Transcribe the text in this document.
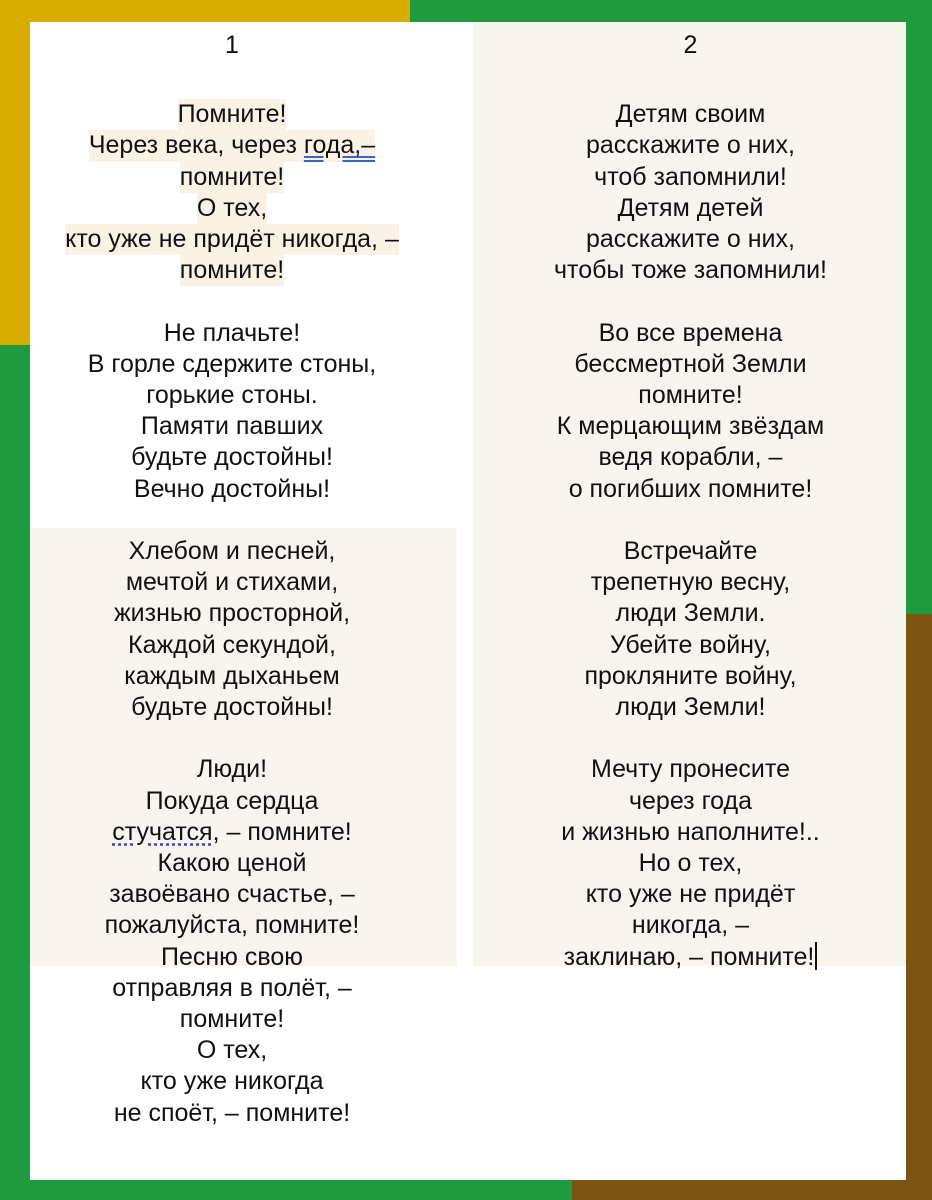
1
Помните!
Через века, через года,–
помните!
О тех,
кто уже не придёт никогда, –
помните!
Не плачьте!
В горле сдержите стоны,
горькие стоны.
Памяти павших
будьте достойны!
Вечно достойны!
Хлебом и песней,
мечтой и стихами,
жизнью просторной,
Каждой секундой,
каждым дыханьем
будьте достойны!
Люди!
Покуда сердца
стучатся, – помните!
Какою ценой
завоёвано счастье, –
пожалуйста, помните!
Песню свою
отправляя в полёт, –
помните!
О тех,
кто уже никогда
не споёт, – помните!
2
Детям своим
расскажите о них,
чтоб запомнили!
Детям детей
расскажите о них,
чтобы тоже запомнили!
Во все времена
бессмертной Земли
помните!
К мерцающим звёздам
ведя корабли, –
о погибших помните!
Встречайте
трепетную весну,
люди Земли.
Убейте войну,
прокляните войну,
люди Земли!
Мечту пронесите
через года
и жизнью наполните!..
Но о тех,
кто уже не придёт
никогда, –
заклинаю, – помните!
